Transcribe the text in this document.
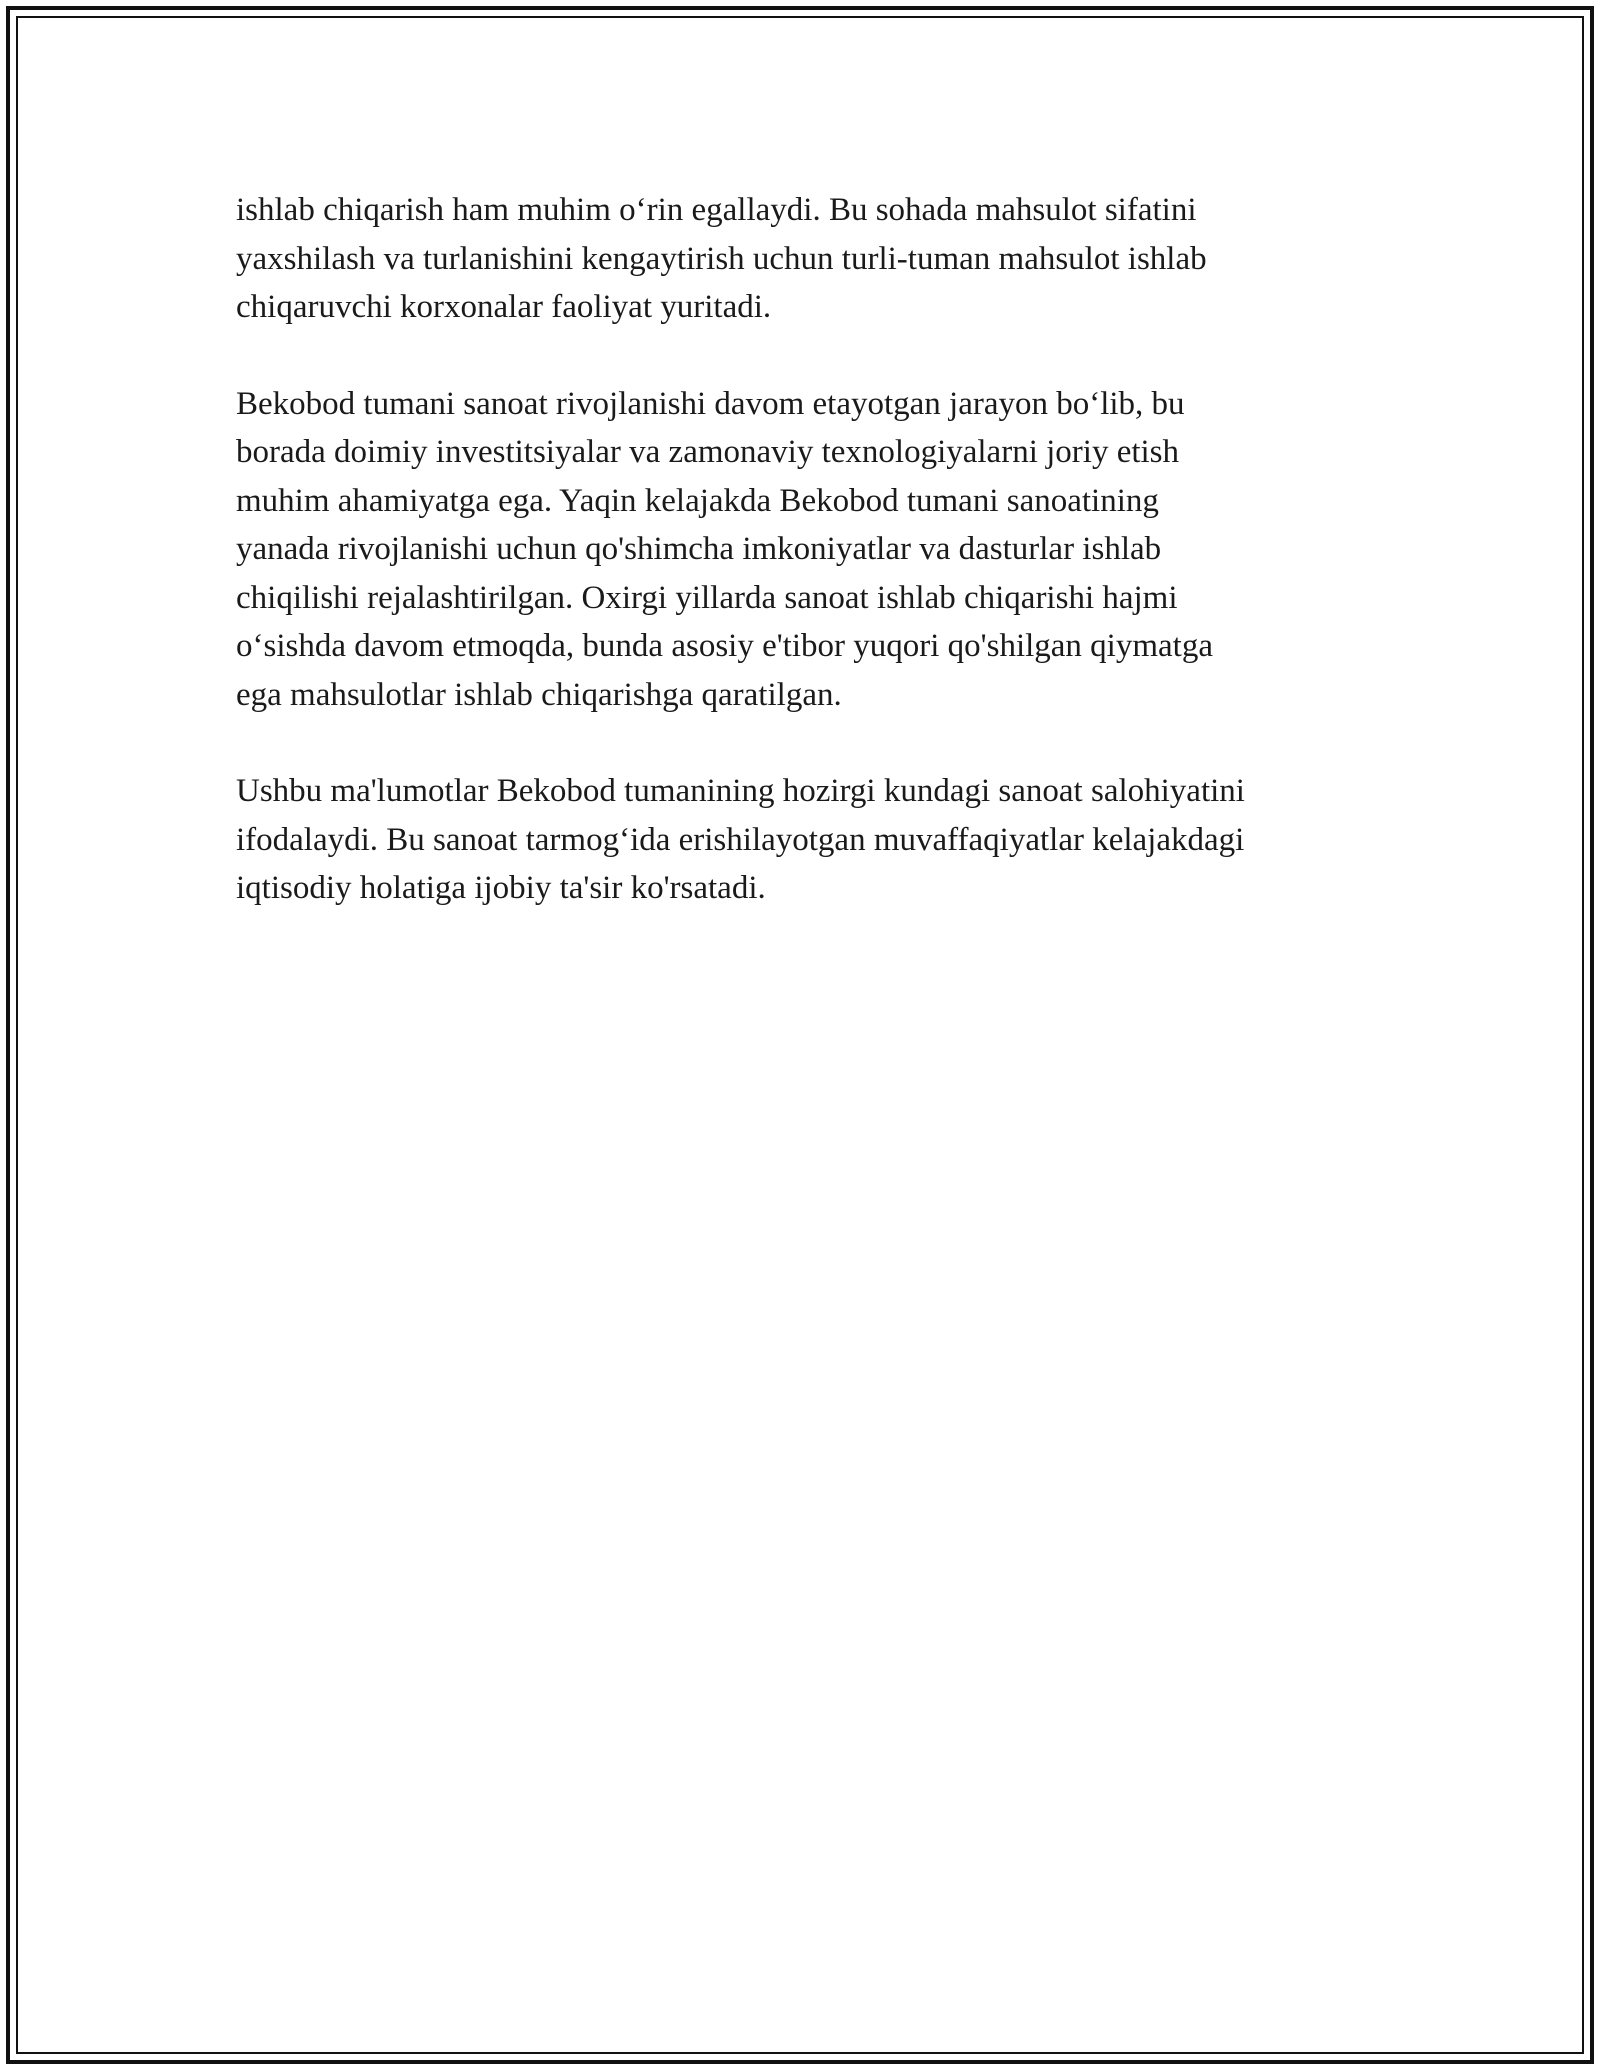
ishlab chiqarish ham muhim o‘rin egallaydi. Bu sohada mahsulot sifatini
yaxshilash va turlanishini kengaytirish uchun turli-tuman mahsulot ishlab
chiqaruvchi korxonalar faoliyat yuritadi.

Bekobod tumani sanoat rivojlanishi davom etayotgan jarayon bo‘lib, bu
borada doimiy investitsiyalar va zamonaviy texnologiyalarni joriy etish
muhim ahamiyatga ega. Yaqin kelajakda Bekobod tumani sanoatining
yanada rivojlanishi uchun qo'shimcha imkoniyatlar va dasturlar ishlab
chiqilishi rejalashtirilgan. Oxirgi yillarda sanoat ishlab chiqarishi hajmi
o‘sishda davom etmoqda, bunda asosiy e'tibor yuqori qo'shilgan qiymatga
ega mahsulotlar ishlab chiqarishga qaratilgan.

Ushbu ma'lumotlar Bekobod tumanining hozirgi kundagi sanoat salohiyatini
ifodalaydi. Bu sanoat tarmog‘ida erishilayotgan muvaffaqiyatlar kelajakdagi
iqtisodiy holatiga ijobiy ta'sir ko'rsatadi.
